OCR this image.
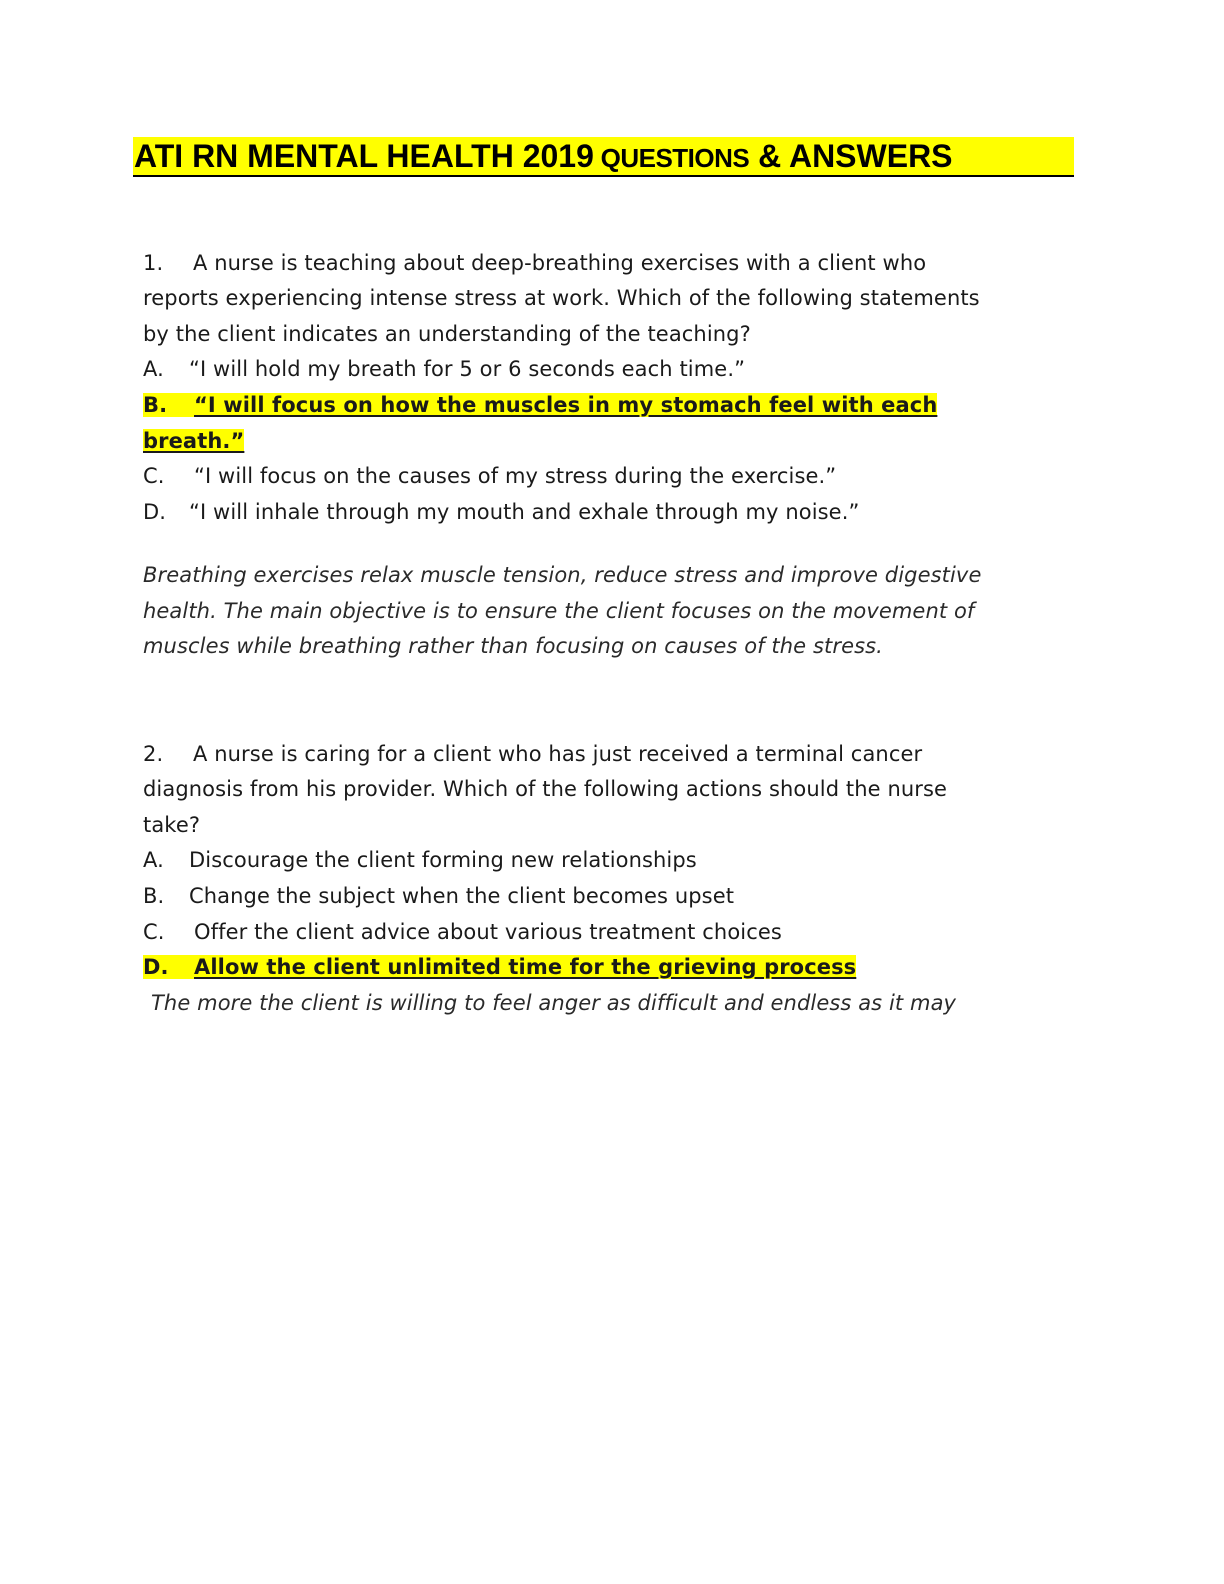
ATI RN MENTAL HEALTH 2019 QUESTIONS & ANSWERS
1. A nurse is teaching about deep-breathing exercises with a client who
reports experiencing intense stress at work. Which of the following statements
by the client indicates an understanding of the teaching?
A. “I will hold my breath for 5 or 6 seconds each time.”
B. “I will focus on how the muscles in my stomach feel with each
breath.”
C. “I will focus on the causes of my stress during the exercise.”
D. “I will inhale through my mouth and exhale through my noise.”
Breathing exercises relax muscle tension, reduce stress and improve digestive
health. The main objective is to ensure the client focuses on the movement of
muscles while breathing rather than focusing on causes of the stress.
2. A nurse is caring for a client who has just received a terminal cancer
diagnosis from his provider. Which of the following actions should the nurse
take?
A. Discourage the client forming new relationships
B. Change the subject when the client becomes upset
C. Offer the client advice about various treatment choices
D. Allow the client unlimited time for the grieving process
The more the client is willing to feel anger as difficult and endless as it may
